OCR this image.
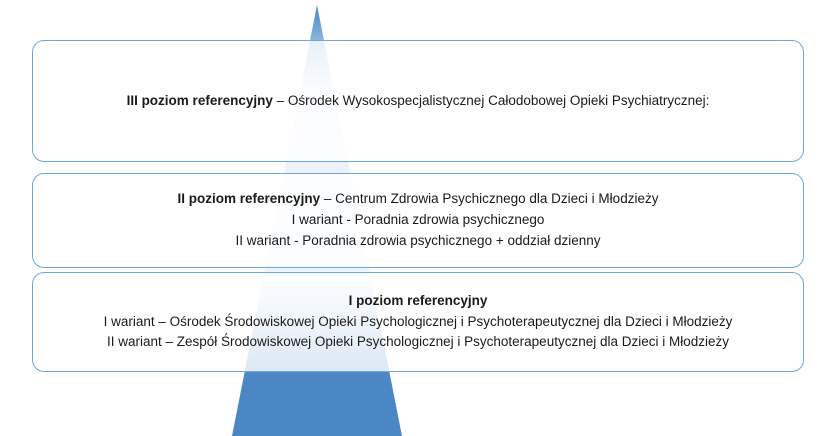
III poziom referencyjny – Ośrodek Wysokospecjalistycznej Całodobowej Opieki Psychiatrycznej:
II poziom referencyjny – Centrum Zdrowia Psychicznego dla Dzieci i Młodzieży
I wariant - Poradnia zdrowia psychicznego
II wariant - Poradnia zdrowia psychicznego + oddział dzienny
I poziom referencyjny
I wariant – Ośrodek Środowiskowej Opieki Psychologicznej i Psychoterapeutycznej dla Dzieci i Młodzieży
II wariant – Zespół Środowiskowej Opieki Psychologicznej i Psychoterapeutycznej dla Dzieci i Młodzieży
